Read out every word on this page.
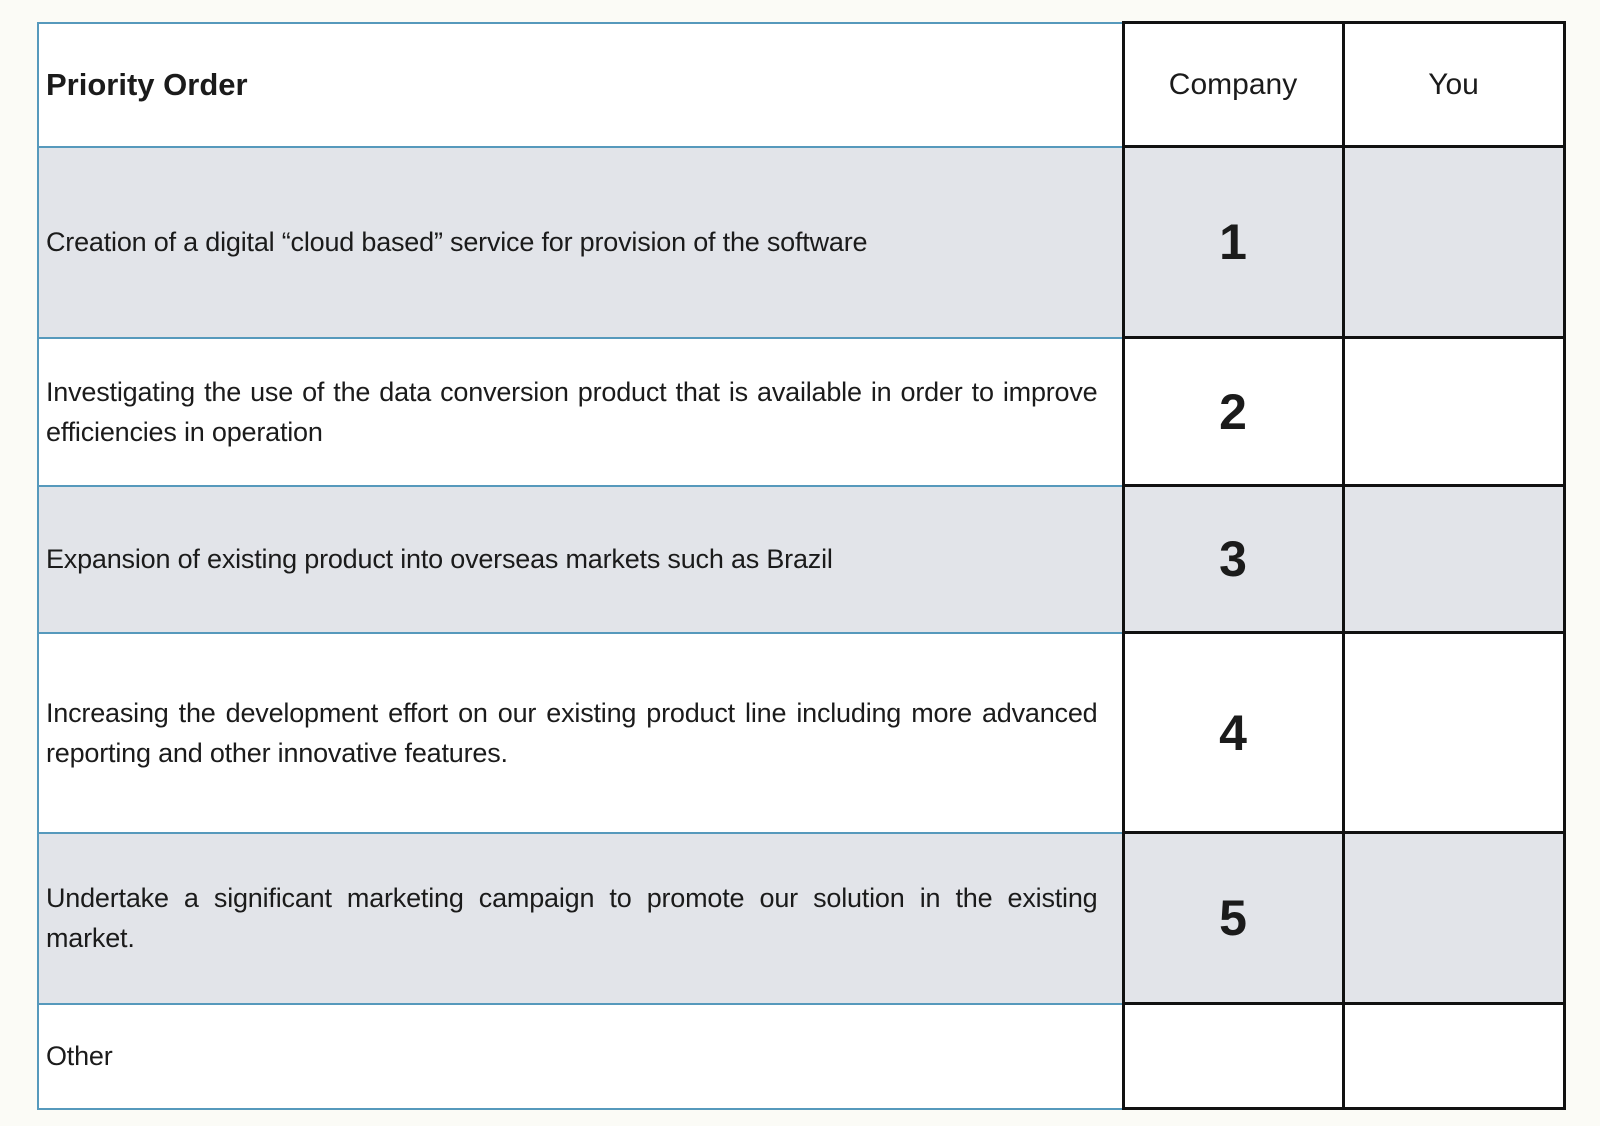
Priority Order	Company	You
Creation of a digital “cloud based” service for provision of the software	1	
Investigating the use of the data conversion product that is available in order to improve efficiencies in operation	2	
Expansion of existing product into overseas markets such as Brazil	3	
Increasing the development effort on our existing product line including more advanced reporting and other innovative features.	4	
Undertake a significant marketing campaign to promote our solution in the existing market.	5	
Other		
